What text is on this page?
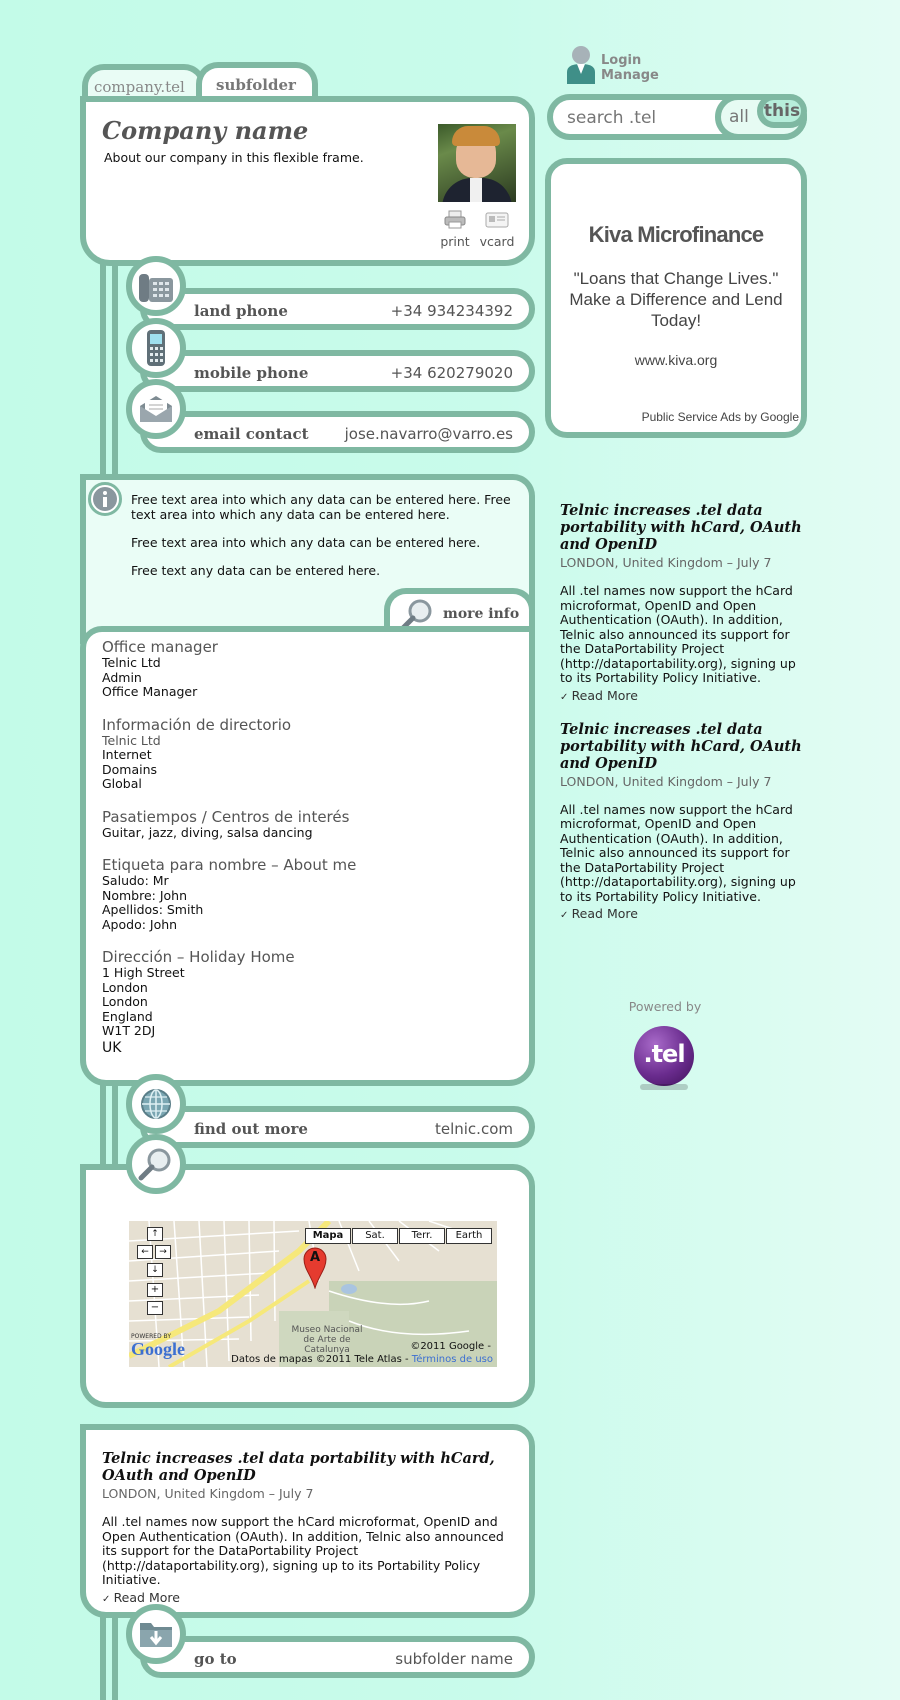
company.tel subfolder
Company name
About our company in this flexible frame.
print vcard
land phone	+34 934234392
mobile phone	+34 620279020
email contact jose.navarro@varro.es
Free text area into which any data can be entered here. Free text area into which any data can be entered here.
Free text area into which any data can be entered here.
Free text any data can be entered here.
more info
Office manager
Telnic Ltd
Admin
Office Manager
Información de directorio
Telnic Ltd
Internet
Domains
Global
Pasatiempos / Centros de interés
Guitar, jazz, diving, salsa dancing
Etiqueta para nombre – About me
Saludo: Mr
Nombre: John
Apellidos: Smith
Apodo: John
Dirección – Holiday Home
1 High Street
London
London
England
W1T 2DJ
UK
find out more	telnic.com
↑
←	→
↓
+
−
Mapa	Sat.	Terr.	Earth
A
Museo Nacional de Arte de Catalunya
POWERED BY
Google	©2011 Google -
Datos de mapas ©2011 Tele Atlas - Términos de uso
Telnic increases .tel data portability with hCard, OAuth and OpenID
LONDON, United Kingdom – July 7
All .tel names now support the hCard microformat, OpenID and Open Authentication (OAuth). In addition, Telnic also announced its support for the DataPortability Project (http://dataportability.org), signing up to its Portability Policy Initiative.
✓ Read More
go to	subfolder name
Login
Manage
search .tel
all this
Kiva Microfinance
"Loans that Change Lives." Make a Difference and Lend Today!
www.kiva.org
Public Service Ads by Google
Telnic increases .tel data portability with hCard, OAuth and OpenID
LONDON, United Kingdom – July 7
All .tel names now support the hCard microformat, OpenID and Open Authentication (OAuth). In addition, Telnic also announced its support for the DataPortability Project (http://dataportability.org), signing up to its Portability Policy Initiative.
✓ Read More
Telnic increases .tel data portability with hCard, OAuth and OpenID
LONDON, United Kingdom – July 7
All .tel names now support the hCard microformat, OpenID and Open Authentication (OAuth). In addition, Telnic also announced its support for the DataPortability Project (http://dataportability.org), signing up to its Portability Policy Initiative.
✓ Read More
Powered by
.tel
